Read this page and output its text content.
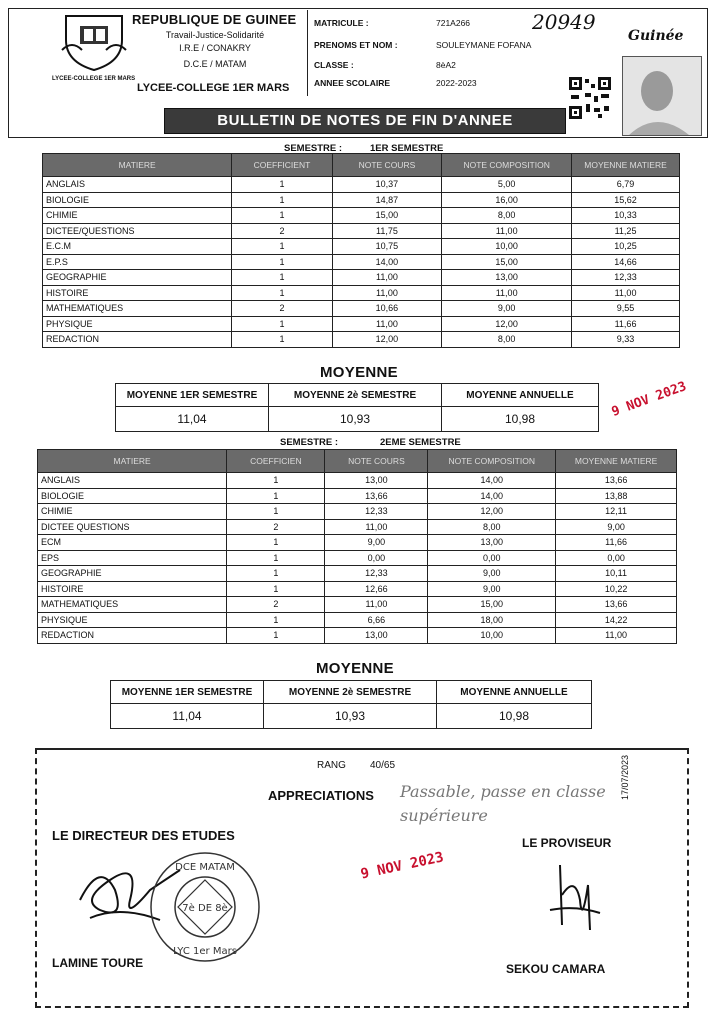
LYCEE-COLLEGE 1ER MARS
REPUBLIQUE DE GUINEE
Travail-Justice-Solidarité
I.R.E / CONAKRY
D.C.E / MATAM
LYCEE-COLLEGE 1ER MARS
MATRICULE :	721A266
PRENOMS ET NOM :	SOULEYMANE FOFANA
CLASSE :	8èA2
ANNEE SCOLAIRE	2022-2023
20949
Guinée
BULLETIN DE NOTES DE FIN D'ANNEE
SEMESTRE :	1ER SEMESTRE
MATIERE	COEFFICIENT	NOTE COURS	NOTE COMPOSITION	MOYENNE MATIERE
ANGLAIS	1	10,37	5,00	6,79
BIOLOGIE	1	14,87	16,00	15,62
CHIMIE	1	15,00	8,00	10,33
DICTEE/QUESTIONS	2	11,75	11,00	11,25
E.C.M	1	10,75	10,00	10,25
E.P.S	1	14,00	15,00	14,66
GEOGRAPHIE	1	11,00	13,00	12,33
HISTOIRE	1	11,00	11,00	11,00
MATHEMATIQUES	2	10,66	9,00	9,55
PHYSIQUE	1	11,00	12,00	11,66
REDACTION	1	12,00	8,00	9,33
MOYENNE
MOYENNE 1ER SEMESTRE	MOYENNE 2è SEMESTRE	MOYENNE ANNUELLE
11,04	10,93	10,98	9 NOV 2023
SEMESTRE :	2EME SEMESTRE
MATIERE	COEFFICIEN	NOTE COURS	NOTE COMPOSITION	MOYENNE MATIERE
ANGLAIS	1	13,00	14,00	13,66
BIOLOGIE	1	13,66	14,00	13,88
CHIMIE	1	12,33	12,00	12,11
DICTEE QUESTIONS	2	11,00	8,00	9,00
ECM	1	9,00	13,00	11,66
EPS	1	0,00	0,00	0,00
GEOGRAPHIE	1	12,33	9,00	10,11
HISTOIRE	1	12,66	9,00	10,22
MATHEMATIQUES	2	11,00	15,00	13,66
PHYSIQUE	1	6,66	18,00	14,22
REDACTION	1	13,00	10,00	11,00
MOYENNE
MOYENNE 1ER SEMESTRE	MOYENNE 2è SEMESTRE	MOYENNE ANNUELLE
11,04	10,93	10,98
RANG 40/65
APPRECIATIONS Passable, passe en classe supérieure
17/07/2023
LE DIRECTEUR DES ETUDES	LE PROVISEUR
7è DE 8è
DCE MATAM
LYC 1er Mars
9 NOV 2023
LAMINE TOURE	SEKOU CAMARA
